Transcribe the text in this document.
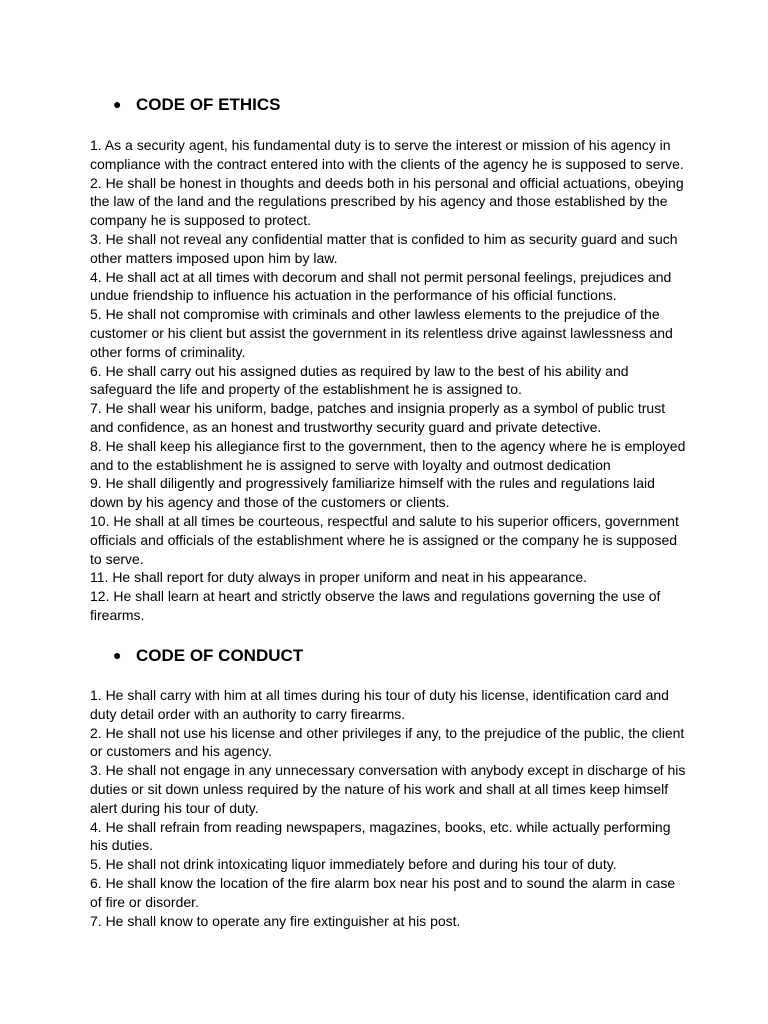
● CODE OF ETHICS

1. As a security agent, his fundamental duty is to serve the interest or mission of his agency in compliance with the contract entered into with the clients of the agency he is supposed to serve.

2. He shall be honest in thoughts and deeds both in his personal and official actuations, obeying the law of the land and the regulations prescribed by his agency and those established by the company he is supposed to protect.

3. He shall not reveal any confidential matter that is confided to him as security guard and such other matters imposed upon him by law.

4. He shall act at all times with decorum and shall not permit personal feelings, prejudices and undue friendship to influence his actuation in the performance of his official functions.

5. He shall not compromise with criminals and other lawless elements to the prejudice of the customer or his client but assist the government in its relentless drive against lawlessness and other forms of criminality.

6. He shall carry out his assigned duties as required by law to the best of his ability and safeguard the life and property of the establishment he is assigned to.

7. He shall wear his uniform, badge, patches and insignia properly as a symbol of public trust and confidence, as an honest and trustworthy security guard and private detective.

8. He shall keep his allegiance first to the government, then to the agency where he is employed and to the establishment he is assigned to serve with loyalty and outmost dedication

9. He shall diligently and progressively familiarize himself with the rules and regulations laid down by his agency and those of the customers or clients.

10. He shall at all times be courteous, respectful and salute to his superior officers, government officials and officials of the establishment where he is assigned or the company he is supposed to serve.

11. He shall report for duty always in proper uniform and neat in his appearance.

12. He shall learn at heart and strictly observe the laws and regulations governing the use of firearms.

● CODE OF CONDUCT

1. He shall carry with him at all times during his tour of duty his license, identification card and duty detail order with an authority to carry firearms.

2. He shall not use his license and other privileges if any, to the prejudice of the public, the client or customers and his agency.

3. He shall not engage in any unnecessary conversation with anybody except in discharge of his duties or sit down unless required by the nature of his work and shall at all times keep himself alert during his tour of duty.

4. He shall refrain from reading newspapers, magazines, books, etc. while actually performing his duties.

5. He shall not drink intoxicating liquor immediately before and during his tour of duty.

6. He shall know the location of the fire alarm box near his post and to sound the alarm in case of fire or disorder.

7. He shall know to operate any fire extinguisher at his post.
